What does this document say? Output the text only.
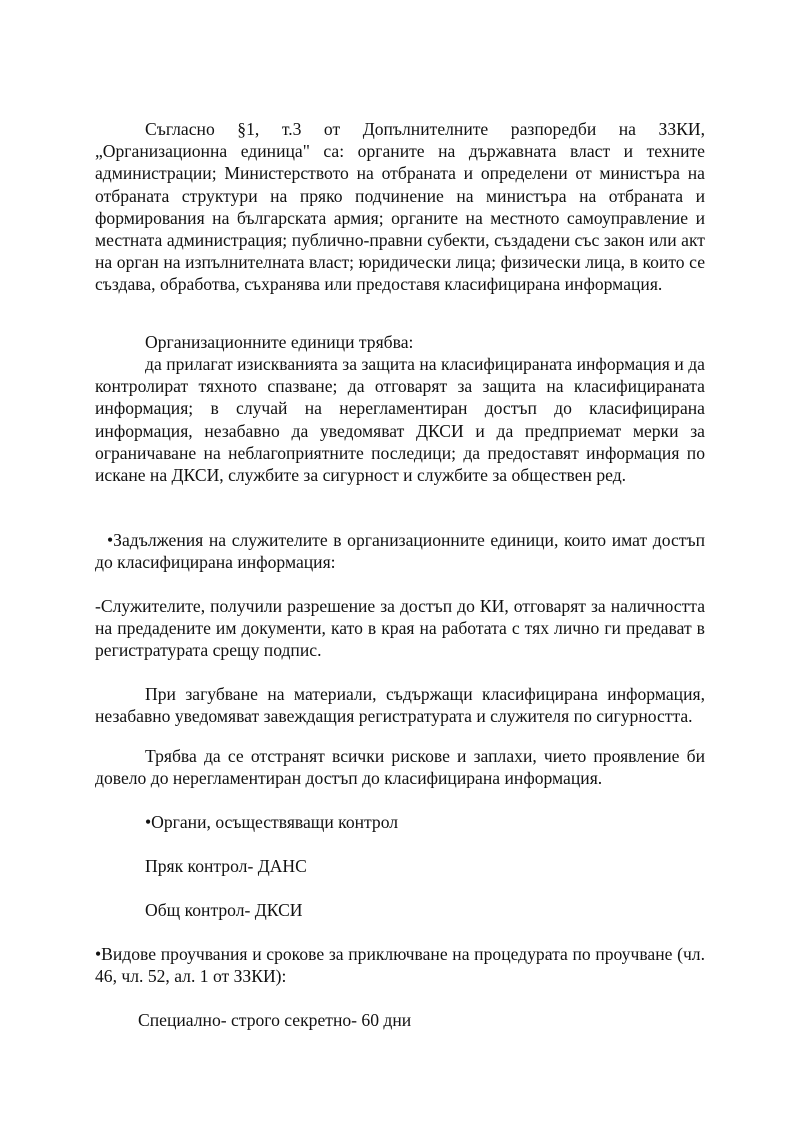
Съгласно §1, т.3 от Допълнителните разпоредби на ЗЗКИ, „Организационна единица" са: органите на държавната власт и техните администрации; Министерството на отбраната и определени от министъра на отбраната структури на пряко подчинение на министъра на отбраната и формирования на българската армия; органите на местното самоуправление и местната администрация; публично-правни субекти, създадени със закон или акт на орган на изпълнителната власт; юридически лица; физически лица, в които се създава, обработва, съхранява или предоставя класифицирана информация.

Организационните единици трябва:

да прилагат изискванията за защита на класифицираната информация и да контролират тяхното спазване; да отговарят за защита на класифицираната информация; в случай на нерегламентиран достъп до класифицирана информация, незабавно да уведомяват ДКСИ и да предприемат мерки за ограничаване на неблагоприятните последици; да предоставят информация по искане на ДКСИ, службите за сигурност и службите за обществен ред.

•Задължения на служителите в организационните единици, които имат достъп до класифицирана информация:

-Служителите, получили разрешение за достъп до КИ, отговарят за наличността на предадените им документи, като в края на работата с тях лично ги предават в регистратурата срещу подпис.

При загубване на материали, съдържащи класифицирана информация, незабавно уведомяват завеждащия регистратурата и служителя по сигурността.

Трябва да се отстранят всички рискове и заплахи, чието проявление би довело до нерегламентиран достъп до класифицирана информация.

•Органи, осъществяващи контрол

Пряк контрол- ДАНС

Общ контрол- ДКСИ

•Видове проучвания и срокове за приключване на процедурата по проучване (чл. 46, чл. 52, ал. 1 от ЗЗКИ):

Специално- строго секретно- 60 дни
